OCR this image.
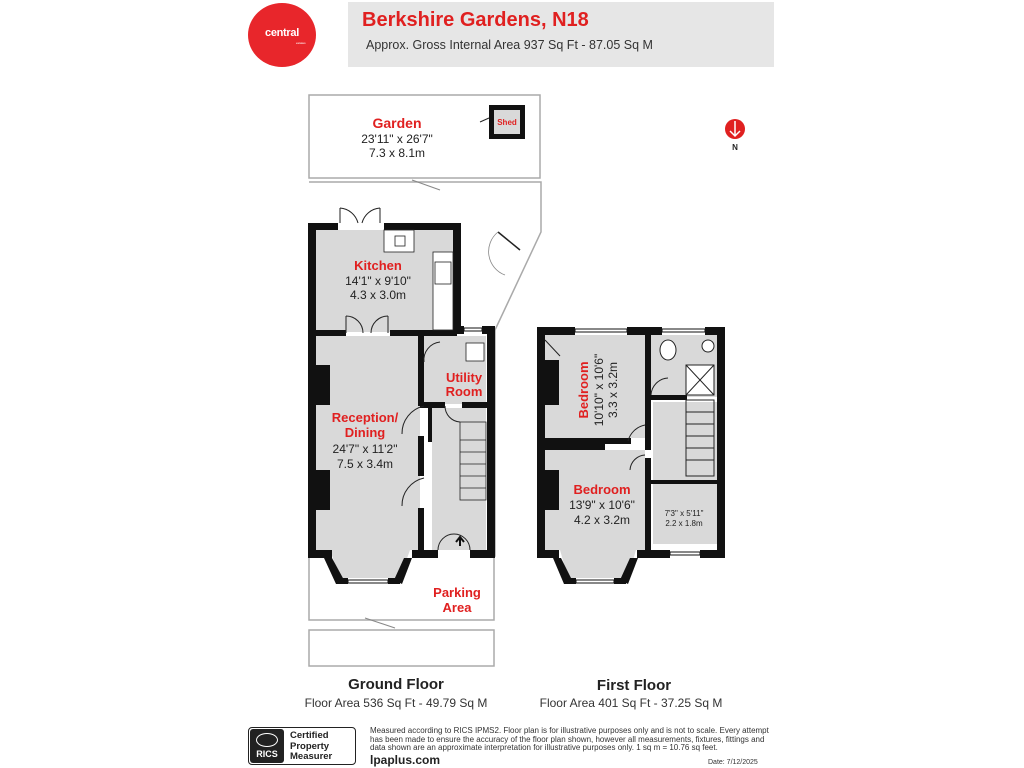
central
estates
Berkshire Gardens, N18
Approx. Gross Internal Area 937 Sq Ft - 87.05 Sq M
Garden
23'11" x 26'7"
7.3 x 8.1m
Shed
N
Kitchen
14'1" x 9'10"
4.3 x 3.0m
Utility
Room
Reception/
Dining
24'7" x 11'2"
7.5 x 3.4m
Parking
Area
Bedroom 10'10" x 10'6" 3.3 x 3.2m
Bedroom
13'9" x 10'6"
4.2 x 3.2m	7'3" x 5'11"
2.2 x 1.8m
Ground Floor
Floor Area 536 Sq Ft - 49.79 Sq M
First Floor
Floor Area 401 Sq Ft - 37.25 Sq M
RICS
Certified
Property
Measurer
Measured according to RICS IPMS2. Floor plan is for illustrative purposes only and is not to scale. Every attempt has been made to ensure the accuracy of the floor plan shown, however all measurements, fixtures, fittings and data shown are an approximate interpretation for illustrative purposes only. 1 sq m = 10.76 sq feet.
lpaplus.com	Date: 7/12/2025
